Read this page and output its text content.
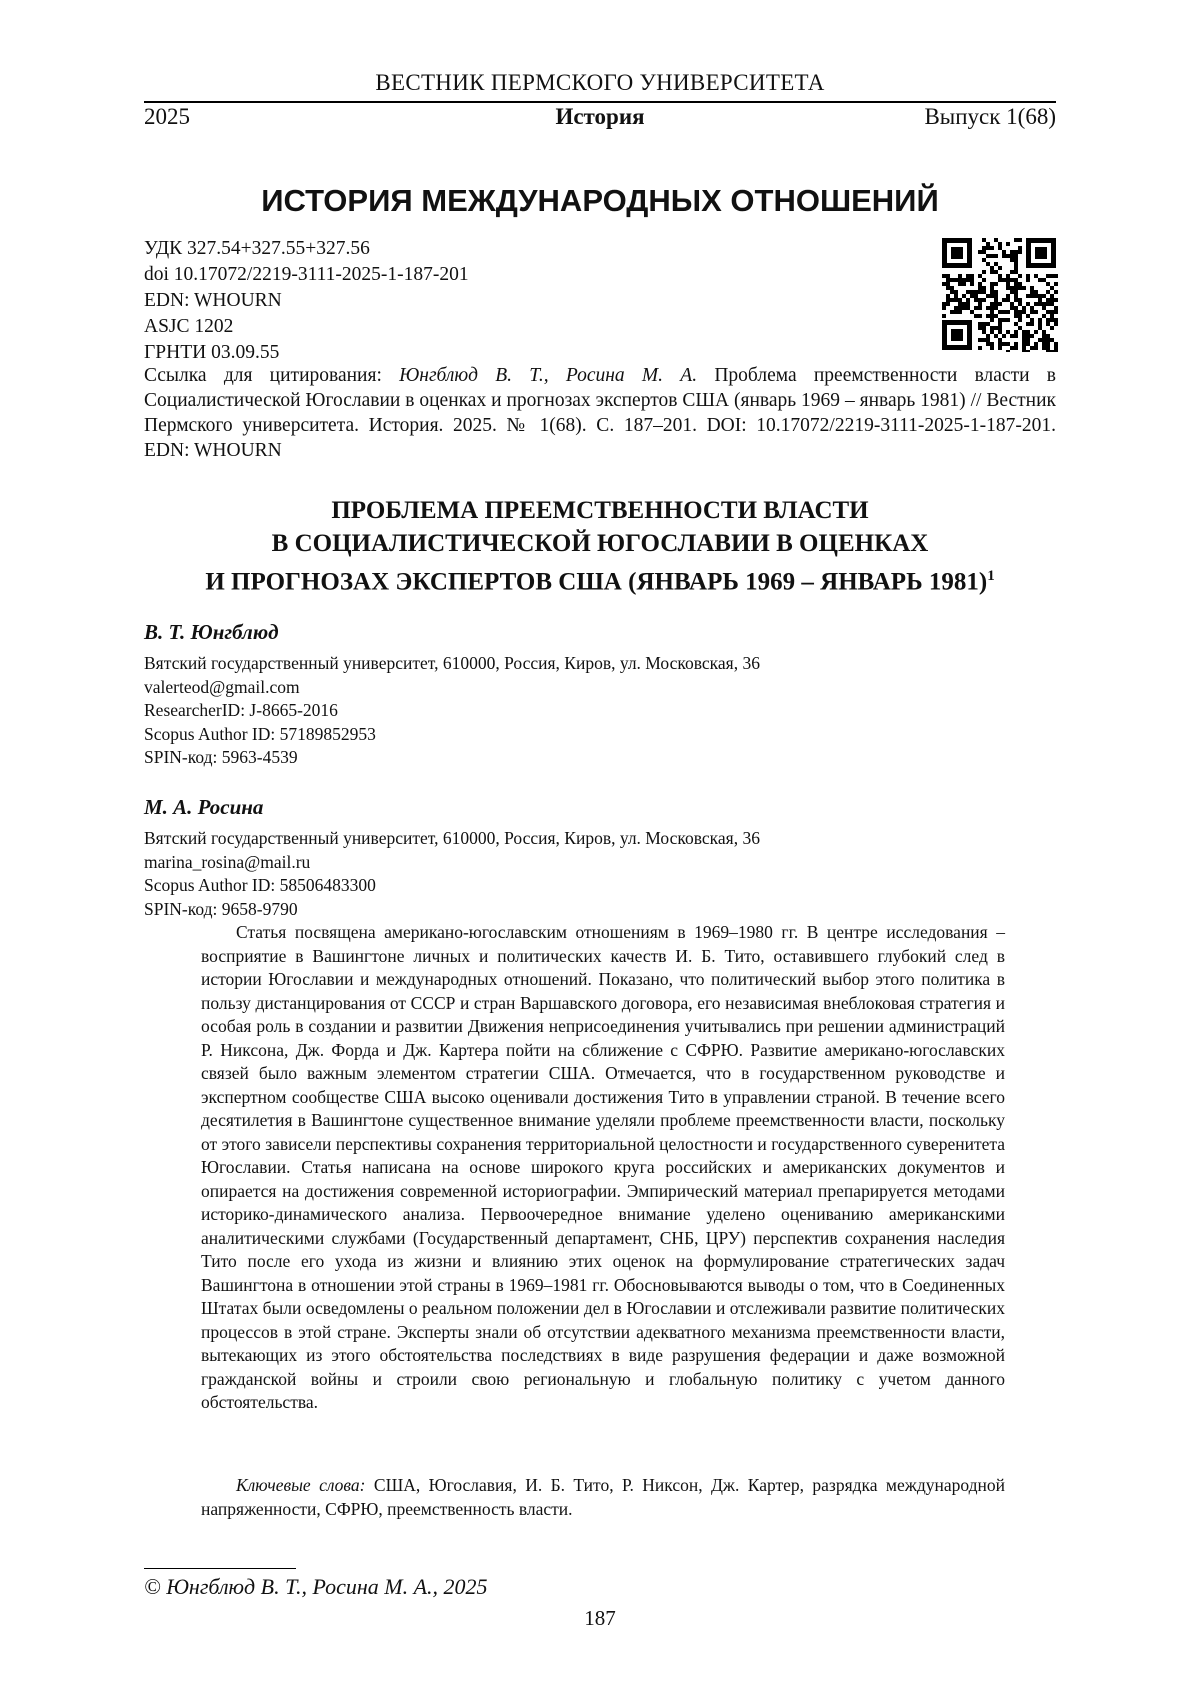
ВЕСТНИК ПЕРМСКОГО УНИВЕРСИТЕТА
2025	История	Выпуск 1(68)
ИСТОРИЯ МЕЖДУНАРОДНЫХ ОТНОШЕНИЙ
УДК 327.54+327.55+327.56
doi 10.17072/2219-3111-2025-1-187-201
EDN: WHOURN
ASJC 1202
ГРНТИ 03.09.55
Ссылка для цитирования: Юнгблюд В. Т., Росина М. А. Проблема преемственности власти в Социалистической Югославии в оценках и прогнозах экспертов США (январь 1969 – январь 1981) // Вестник Пермского университета. История. 2025. № 1(68). С. 187–201. DOI: 10.17072/2219-3111-2025-1-187-201. EDN: WHOURN
ПРОБЛЕМА ПРЕЕМСТВЕННОСТИ ВЛАСТИ
В СОЦИАЛИСТИЧЕСКОЙ ЮГОСЛАВИИ В ОЦЕНКАХ
И ПРОГНОЗАХ ЭКСПЕРТОВ США (ЯНВАРЬ 1969 – ЯНВАРЬ 1981)1
В. Т. Юнгблюд
Вятский государственный университет, 610000, Россия, Киров, ул. Московская, 36
valerteod@gmail.com
ResearcherID: J-8665-2016
Scopus Author ID: 57189852953
SPIN-код: 5963-4539
М. А. Росина
Вятский государственный университет, 610000, Россия, Киров, ул. Московская, 36
marina_rosina@mail.ru
Scopus Author ID: 58506483300
SPIN-код: 9658-9790
Статья посвящена американо-югославским отношениям в 1969–1980 гг. В центре исследования – восприятие в Вашингтоне личных и политических качеств И. Б. Тито, оставившего глубокий след в истории Югославии и международных отношений. Показано, что политический выбор этого политика в пользу дистанцирования от СССР и стран Варшавского договора, его независимая внеблоковая стратегия и особая роль в создании и развитии Движения неприсоединения учитывались при решении администраций Р. Никсона, Дж. Форда и Дж. Картера пойти на сближение с СФРЮ. Развитие американо-югославских связей было важным элементом стратегии США. Отмечается, что в государственном руководстве и экспертном сообществе США высоко оценивали достижения Тито в управлении страной. В течение всего десятилетия в Вашингтоне существенное внимание уделяли проблеме преемственности власти, поскольку от этого зависели перспективы сохранения территориальной целостности и государственного суверенитета Югославии. Статья написана на основе широкого круга российских и американских документов и опирается на достижения современной историографии. Эмпирический материал препарируется методами историко-динамического анализа. Первоочередное внимание уделено оцениванию американскими аналитическими службами (Государственный департамент, СНБ, ЦРУ) перспектив сохранения наследия Тито после его ухода из жизни и влиянию этих оценок на формулирование стратегических задач Вашингтона в отношении этой страны в 1969–1981 гг. Обосновываются выводы о том, что в Соединенных Штатах были осведомлены о реальном положении дел в Югославии и отслеживали развитие политических процессов в этой стране. Эксперты знали об отсутствии адекватного механизма преемственности власти, вытекающих из этого обстоятельства последствиях в виде разрушения федерации и даже возможной гражданской войны и строили свою региональную и глобальную политику с учетом данного обстоятельства.
Ключевые слова: США, Югославия, И. Б. Тито, Р. Никсон, Дж. Картер, разрядка международной напряженности, СФРЮ, преемственность власти.
© Юнгблюд В. Т., Росина М. А., 2025
187
